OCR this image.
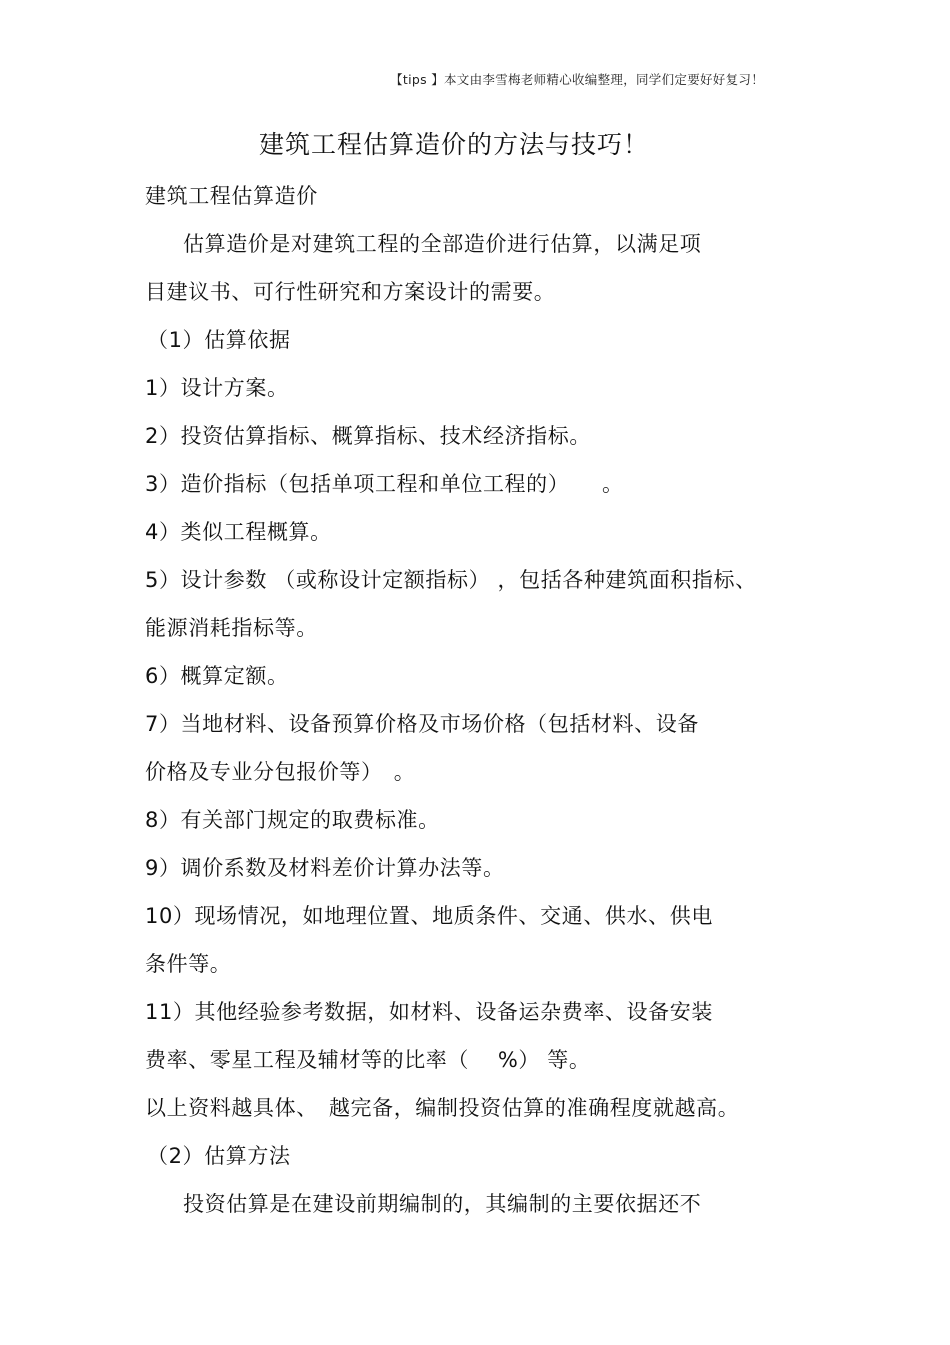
【tips 】本文由李雪梅老师精心收编整理，同学们定要好好复习！
建筑工程估算造价的方法与技巧！
建筑工程估算造价
估算造价是对建筑工程的全部造价进行估算，以满足项
目建议书、可行性研究和方案设计的需要。
（1）估算依据
1）设计方案。
2）投资估算指标、概算指标、技术经济指标。
3）造价指标（包括单项工程和单位工程的）　　。
4）类似工程概算。
5）设计参数 （或称设计定额指标） ，包括各种建筑面积指标、
能源消耗指标等。
6）概算定额。
7）当地材料、设备预算价格及市场价格（包括材料、设备
价格及专业分包报价等）　。
8）有关部门规定的取费标准。
9）调价系数及材料差价计算办法等。
10）现场情况，如地理位置、地质条件、交通、供水、供电
条件等。
11）其他经验参考数据，如材料、设备运杂费率、设备安装
费率、零星工程及辅材等的比率（　 %） 等。
以上资料越具体、　越完备，编制投资估算的准确程度就越高。
（2）估算方法
投资估算是在建设前期编制的，其编制的主要依据还不
